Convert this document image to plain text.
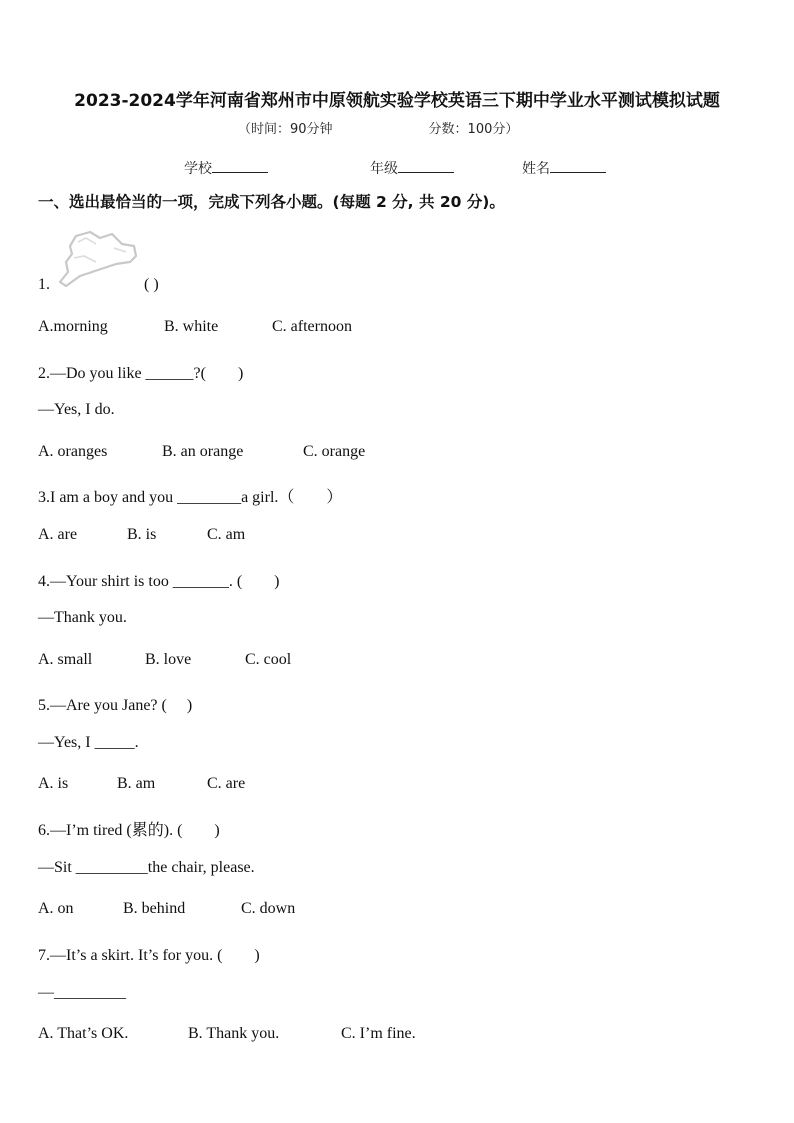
2023-2024学年河南省郑州市中原领航实验学校英语三下期中学业水平测试模拟试题
（时间：90分钟	分数：100分）
学校	年级	姓名
一、选出最恰当的一项，完成下列各小题。(每题 2 分, 共 20 分)。
1.	( )
A.morning	B. white	C. afternoon
2.—Do you like ______?(　　)
—Yes, I do.
A. oranges	B. an orange	C. orange
3.I am a boy and you ________a girl.（　　）
A. are	B. is	C. am
4.—Your shirt is too _______. (　　)
—Thank you.
A. small	B. love	C. cool
5.—Are you Jane? (　 )
—Yes, I _____.
A. is	B. am	C. are
6.—I’m tired (累的). (　　)
—Sit _________the chair, please.
A. on	B. behind	C. down
7.—It’s a skirt. It’s for you. (　　)
—_________
A. That’s OK.	B. Thank you.	C. I’m fine.
